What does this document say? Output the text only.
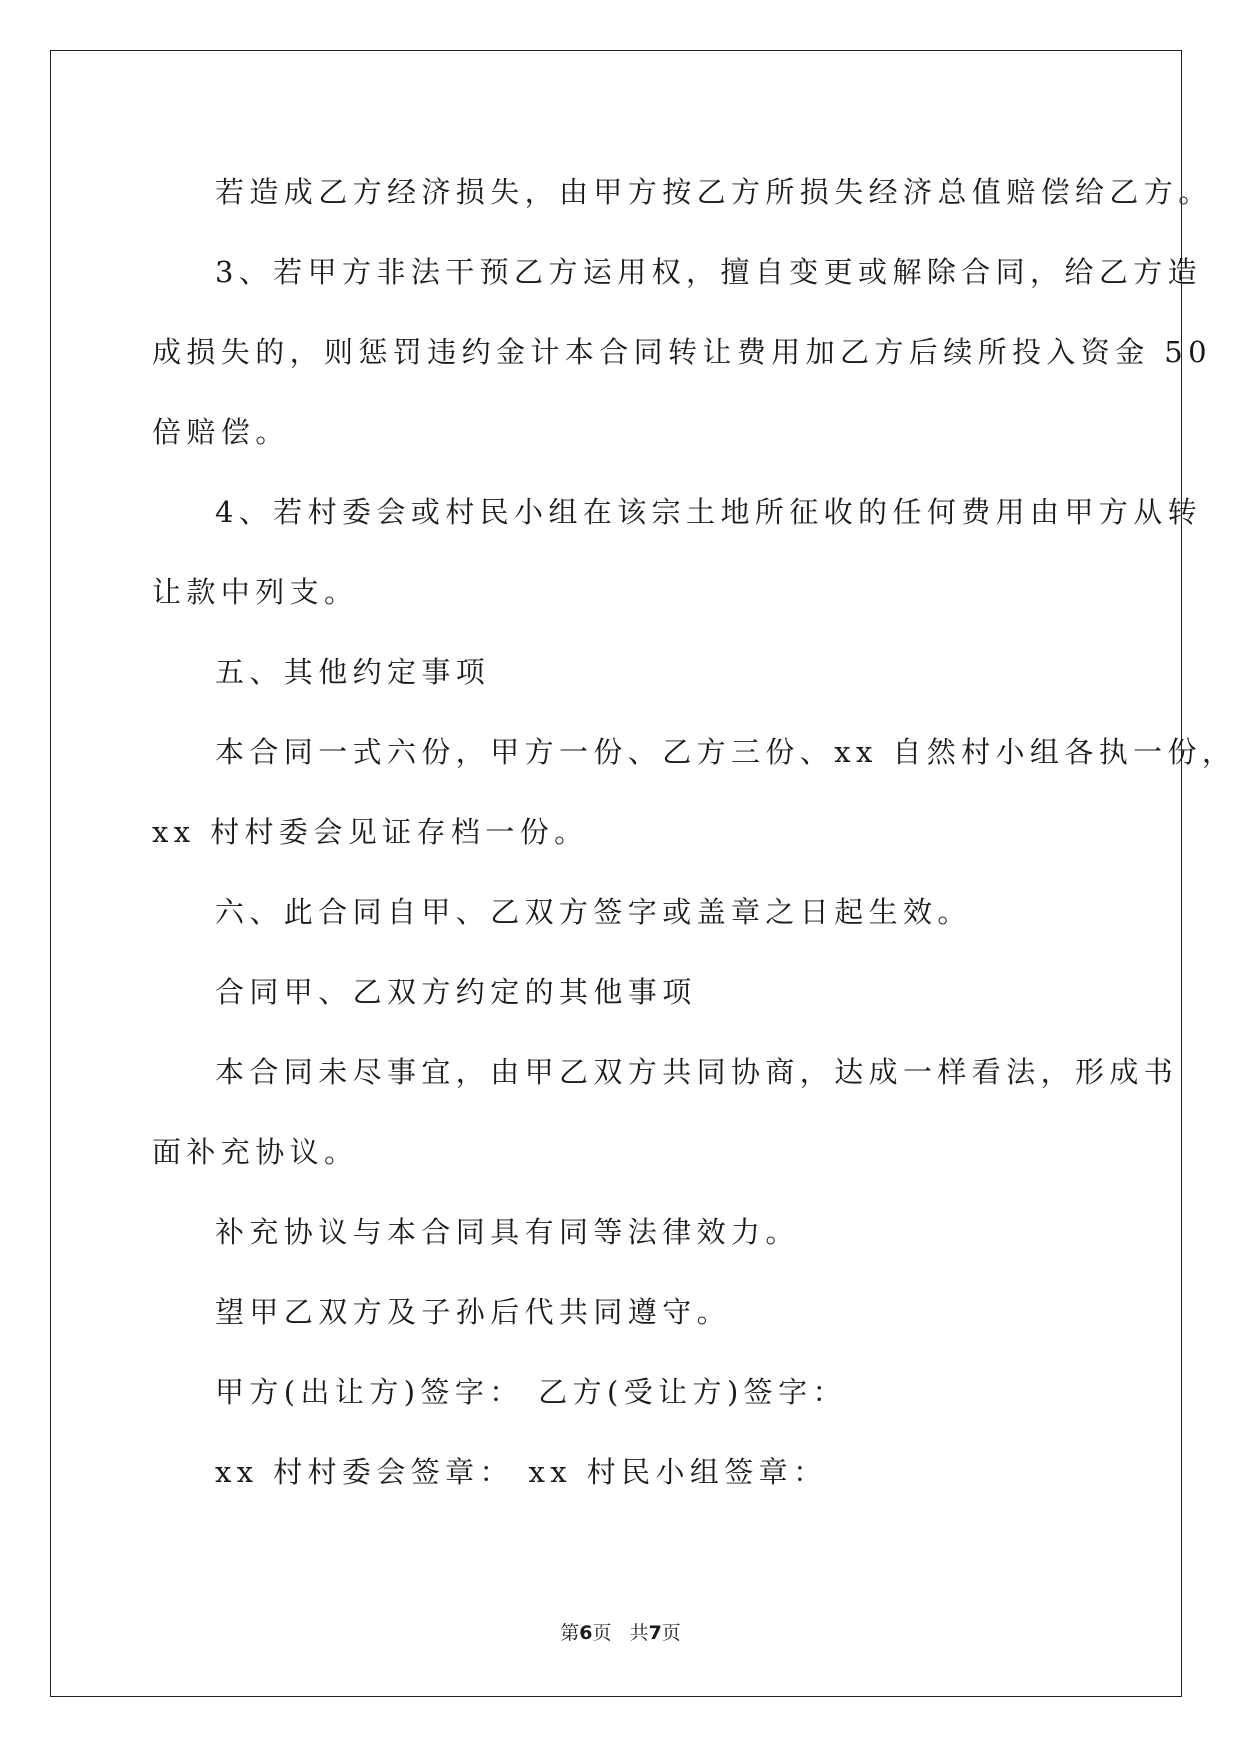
若造成乙方经济损失，由甲方按乙方所损失经济总值赔偿给乙方。
3、若甲方非法干预乙方运用权，擅自变更或解除合同，给乙方造
成损失的，则惩罚违约金计本合同转让费用加乙方后续所投入资金 50
倍赔偿。
4、若村委会或村民小组在该宗土地所征收的任何费用由甲方从转
让款中列支。
五、其他约定事项
本合同一式六份，甲方一份、乙方三份、xx 自然村小组各执一份，
xx 村村委会见证存档一份。
六、此合同自甲、乙双方签字或盖章之日起生效。
合同甲、乙双方约定的其他事项
本合同未尽事宜，由甲乙双方共同协商，达成一样看法，形成书
面补充协议。
补充协议与本合同具有同等法律效力。
望甲乙双方及子孙后代共同遵守。
甲方(出让方)签字： 乙方(受让方)签字：
xx 村村委会签章： xx 村民小组签章：
第6页   共7页
